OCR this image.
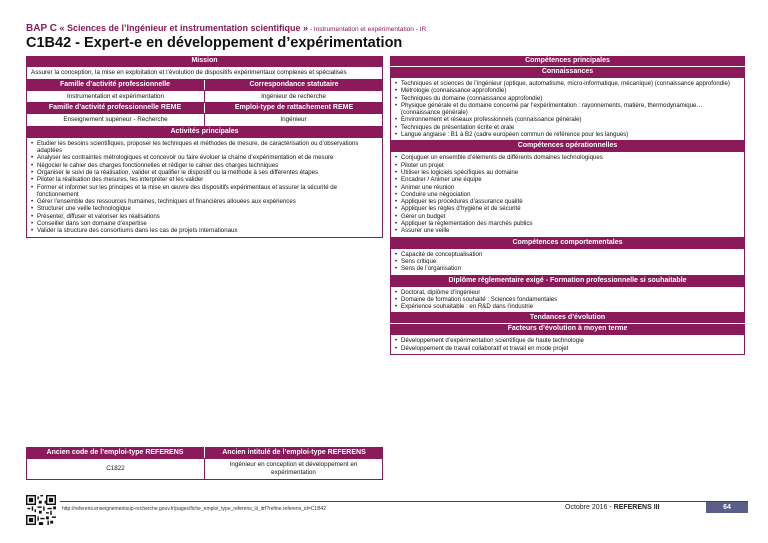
BAP C « Sciences de l’Ingénieur et instrumentation scientifique » - Instrumentation et expérimentation - IR
C1B42 - Expert-e en développement d’expérimentation
Mission
Assurer la conception, la mise en exploitation et l’évolution de dispositifs expérimentaux complexes et spécialisés
Famille d’activité professionnelle	Correspondance statutaire
Instrumentation et expérimentation	Ingénieur de recherche
Famille d’activité professionnelle REME	Emploi-type de rattachement REME
Enseignement supérieur - Recherche	Ingénieur
Activités principales
• Etudier les besoins scientifiques, proposer les techniques et méthodes de mesure, de caractérisation ou d’observations adaptées
• Analyser les contraintes métrologiques et concevoir ou faire évoluer la chaîne d’expérimentation et de mesure
• Négocier le cahier des charges fonctionnelles et rédiger le cahier des charges techniques
• Organiser le suivi de la réalisation, valider et qualifier le dispositif ou la méthode à ses différentes étapes
• Piloter la réalisation des mesures, les interpréter et les valider
• Former et informer sur les principes et la mise en œuvre des dispositifs expérimentaux et assurer la sécurité de fonctionnement
• Gérer l’ensemble des ressources humaines, techniques et financières allouées aux expériences
• Structurer une veille technologique
• Présenter, diffuser et valoriser les réalisations
• Conseiller dans son domaine d’expertise
• Valider la structure des consortiums dans les cas de projets internationaux
Compétences principales
Connaissances
• Techniques et sciences de l’ingénieur (optique, automatisme, micro-informatique, mécanique) (connaissance approfondie)
• Métrologie (connaissance approfondie)
• Techniques du domaine (connaissance approfondie)
• Physique générale et du domaine concerné par l’expérimentation : rayonnements, matière, thermodynamique… (connaissance générale)
• Environnement et réseaux professionnels (connaissance générale)
• Techniques de présentation écrite et orale
• Langue anglaise : B1 à B2 (cadre européen commun de référence pour les langues)
Compétences opérationnelles
• Conjuguer un ensemble d’éléments de différents domaines technologiques
• Piloter un projet
• Utiliser les logiciels spécifiques au domaine
• Encadrer / Animer une équipe
• Animer une réunion
• Conduire une négociation
• Appliquer les procédures d’assurance qualité
• Appliquer les règles d’hygiène et de sécurité
• Gérer un budget
• Appliquer la réglementation des marchés publics
• Assurer une veille
Compétences comportementales
• Capacité de conceptualisation
• Sens critique
• Sens de l’organisation
Diplôme réglementaire exigé - Formation professionnelle si souhaitable
• Doctorat, diplôme d’ingénieur
• Domaine de formation souhaité : Sciences fondamentales
• Expérience souhaitable : en R&D dans l’industrie
Tendances d’évolution
Facteurs d’évolution à moyen terme
• Développement d’expérimentation scientifique de haute technologie
• Développement de travail collaboratif et travail en mode projet
Ancien code de l’emploi-type REFERENS	Ancien intitulé de l’emploi-type REFERENS
C1822
Ingénieur en conception et développement en expérimentation
http://referens.enseignementsup-recherche.gouv.fr/pages/fiche_emploi_type_referens_iii_itrf?refine.referens_id=C1B42	Octobre 2016 - REFERENS III	64
